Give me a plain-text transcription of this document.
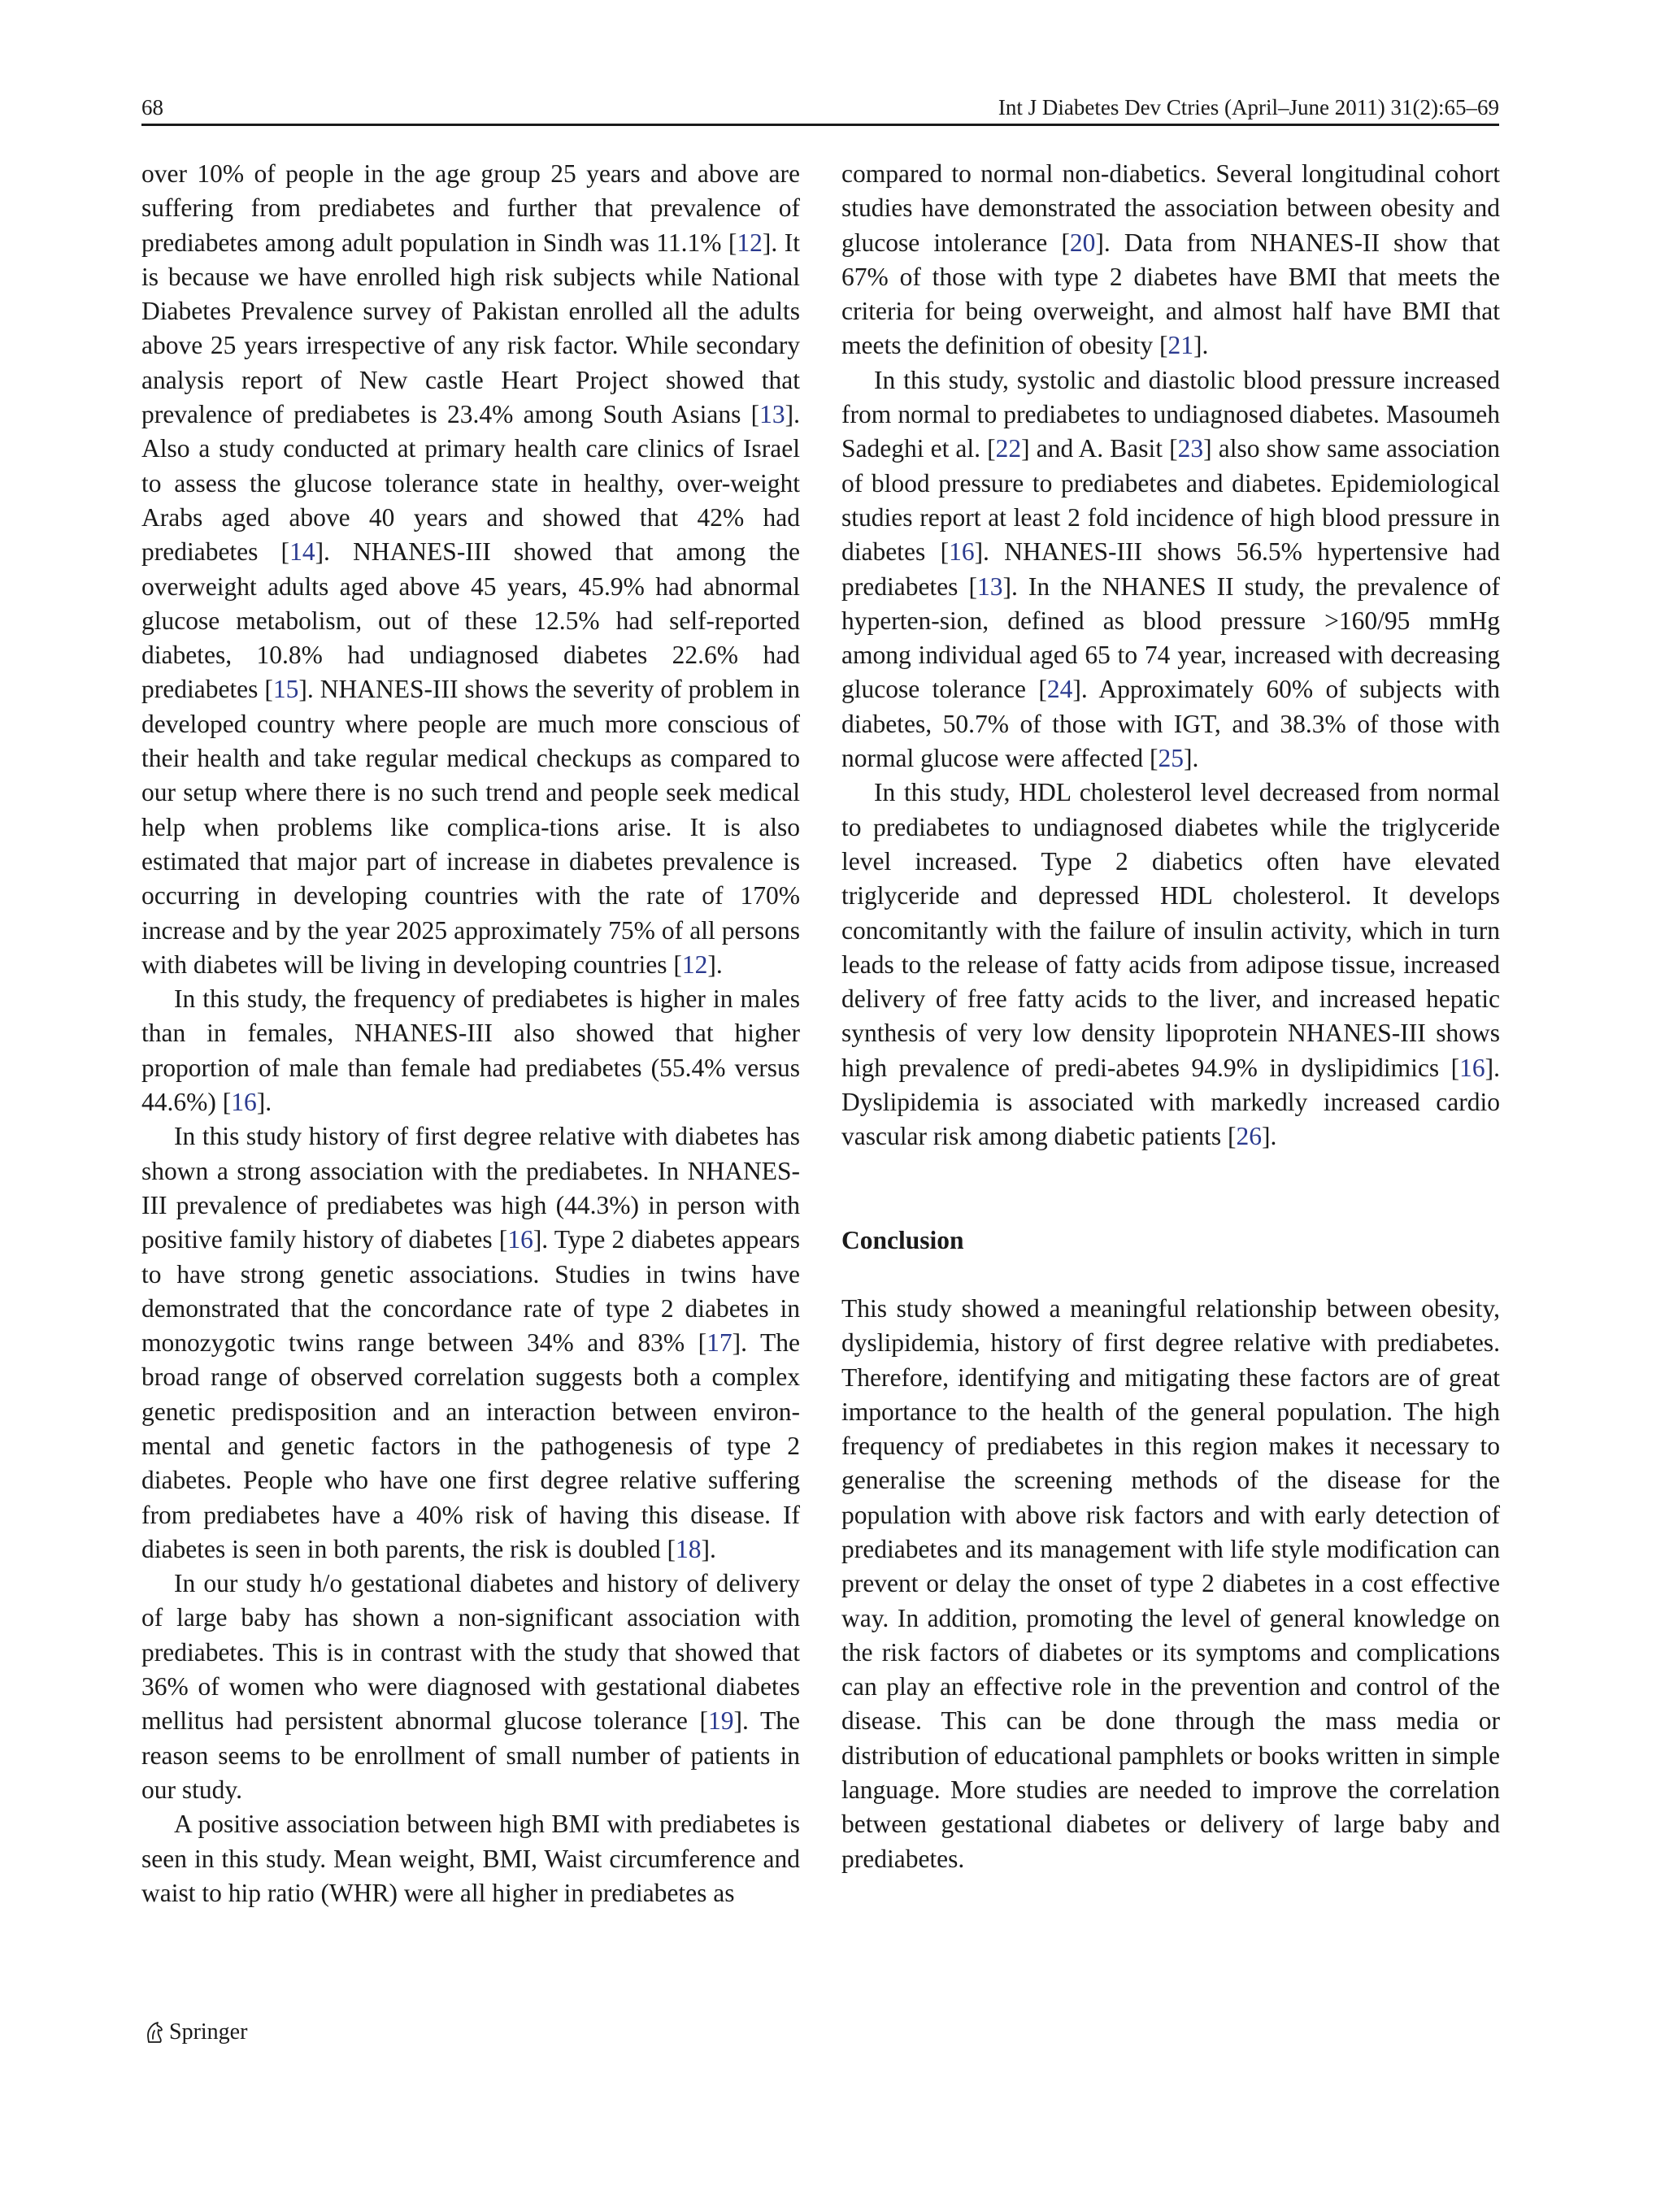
68	Int J Diabetes Dev Ctries (April–June 2011) 31(2):65–69

over 10% of people in the age group 25 years and above are suffering from prediabetes and further that prevalence of prediabetes among adult population in Sindh was 11.1% [12]. It is because we have enrolled high risk subjects while National Diabetes Prevalence survey of Pakistan enrolled all the adults above 25 years irrespective of any risk factor. While secondary analysis report of New castle Heart Project showed that prevalence of prediabetes is 23.4% among South Asians [13]. Also a study conducted at primary health care clinics of Israel to assess the glucose tolerance state in healthy, over-weight Arabs aged above 40 years and showed that 42% had prediabetes [14]. NHANES-III showed that among the overweight adults aged above 45 years, 45.9% had abnormal glucose metabolism, out of these 12.5% had self-reported diabetes, 10.8% had undiagnosed diabetes 22.6% had prediabetes [15]. NHANES-III shows the severity of problem in developed country where people are much more conscious of their health and take regular medical checkups as compared to our setup where there is no such trend and people seek medical help when problems like complica-tions arise. It is also estimated that major part of increase in diabetes prevalence is occurring in developing countries with the rate of 170% increase and by the year 2025 approximately 75% of all persons with diabetes will be living in developing countries [12].

In this study, the frequency of prediabetes is higher in males than in females, NHANES-III also showed that higher proportion of male than female had prediabetes (55.4% versus 44.6%) [16].

In this study history of first degree relative with diabetes has shown a strong association with the prediabetes. In NHANES-III prevalence of prediabetes was high (44.3%) in person with positive family history of diabetes [16]. Type 2 diabetes appears to have strong genetic associations. Studies in twins have demonstrated that the concordance rate of type 2 diabetes in monozygotic twins range between 34% and 83% [17]. The broad range of observed correlation suggests both a complex genetic predisposition and an interaction between environ-mental and genetic factors in the pathogenesis of type 2 diabetes. People who have one first degree relative suffering from prediabetes have a 40% risk of having this disease. If diabetes is seen in both parents, the risk is doubled [18].

In our study h/o gestational diabetes and history of delivery of large baby has shown a non-significant association with prediabetes. This is in contrast with the study that showed that 36% of women who were diagnosed with gestational diabetes mellitus had persistent abnormal glucose tolerance [19]. The reason seems to be enrollment of small number of patients in our study.

A positive association between high BMI with prediabetes is seen in this study. Mean weight, BMI, Waist circumference and waist to hip ratio (WHR) were all higher in prediabetes as

compared to normal non-diabetics. Several longitudinal cohort studies have demonstrated the association between obesity and glucose intolerance [20]. Data from NHANES-II show that 67% of those with type 2 diabetes have BMI that meets the criteria for being overweight, and almost half have BMI that meets the definition of obesity [21].

In this study, systolic and diastolic blood pressure increased from normal to prediabetes to undiagnosed diabetes. Masoumeh Sadeghi et al. [22] and A. Basit [23] also show same association of blood pressure to prediabetes and diabetes. Epidemiological studies report at least 2 fold incidence of high blood pressure in diabetes [16]. NHANES-III shows 56.5% hypertensive had prediabetes [13]. In the NHANES II study, the prevalence of hyperten-sion, defined as blood pressure >160/95 mmHg among individual aged 65 to 74 year, increased with decreasing glucose tolerance [24]. Approximately 60% of subjects with diabetes, 50.7% of those with IGT, and 38.3% of those with normal glucose were affected [25].

In this study, HDL cholesterol level decreased from normal to prediabetes to undiagnosed diabetes while the triglyceride level increased. Type 2 diabetics often have elevated triglyceride and depressed HDL cholesterol. It develops concomitantly with the failure of insulin activity, which in turn leads to the release of fatty acids from adipose tissue, increased delivery of free fatty acids to the liver, and increased hepatic synthesis of very low density lipoprotein NHANES-III shows high prevalence of predi-abetes 94.9% in dyslipidimics [16]. Dyslipidemia is associated with markedly increased cardio vascular risk among diabetic patients [26].

Conclusion

This study showed a meaningful relationship between obesity, dyslipidemia, history of first degree relative with prediabetes. Therefore, identifying and mitigating these factors are of great importance to the health of the general population. The high frequency of prediabetes in this region makes it necessary to generalise the screening methods of the disease for the population with above risk factors and with early detection of prediabetes and its management with life style modification can prevent or delay the onset of type 2 diabetes in a cost effective way. In addition, promoting the level of general knowledge on the risk factors of diabetes or its symptoms and complications can play an effective role in the prevention and control of the disease. This can be done through the mass media or distribution of educational pamphlets or books written in simple language. More studies are needed to improve the correlation between gestational diabetes or delivery of large baby and prediabetes.

Springer
